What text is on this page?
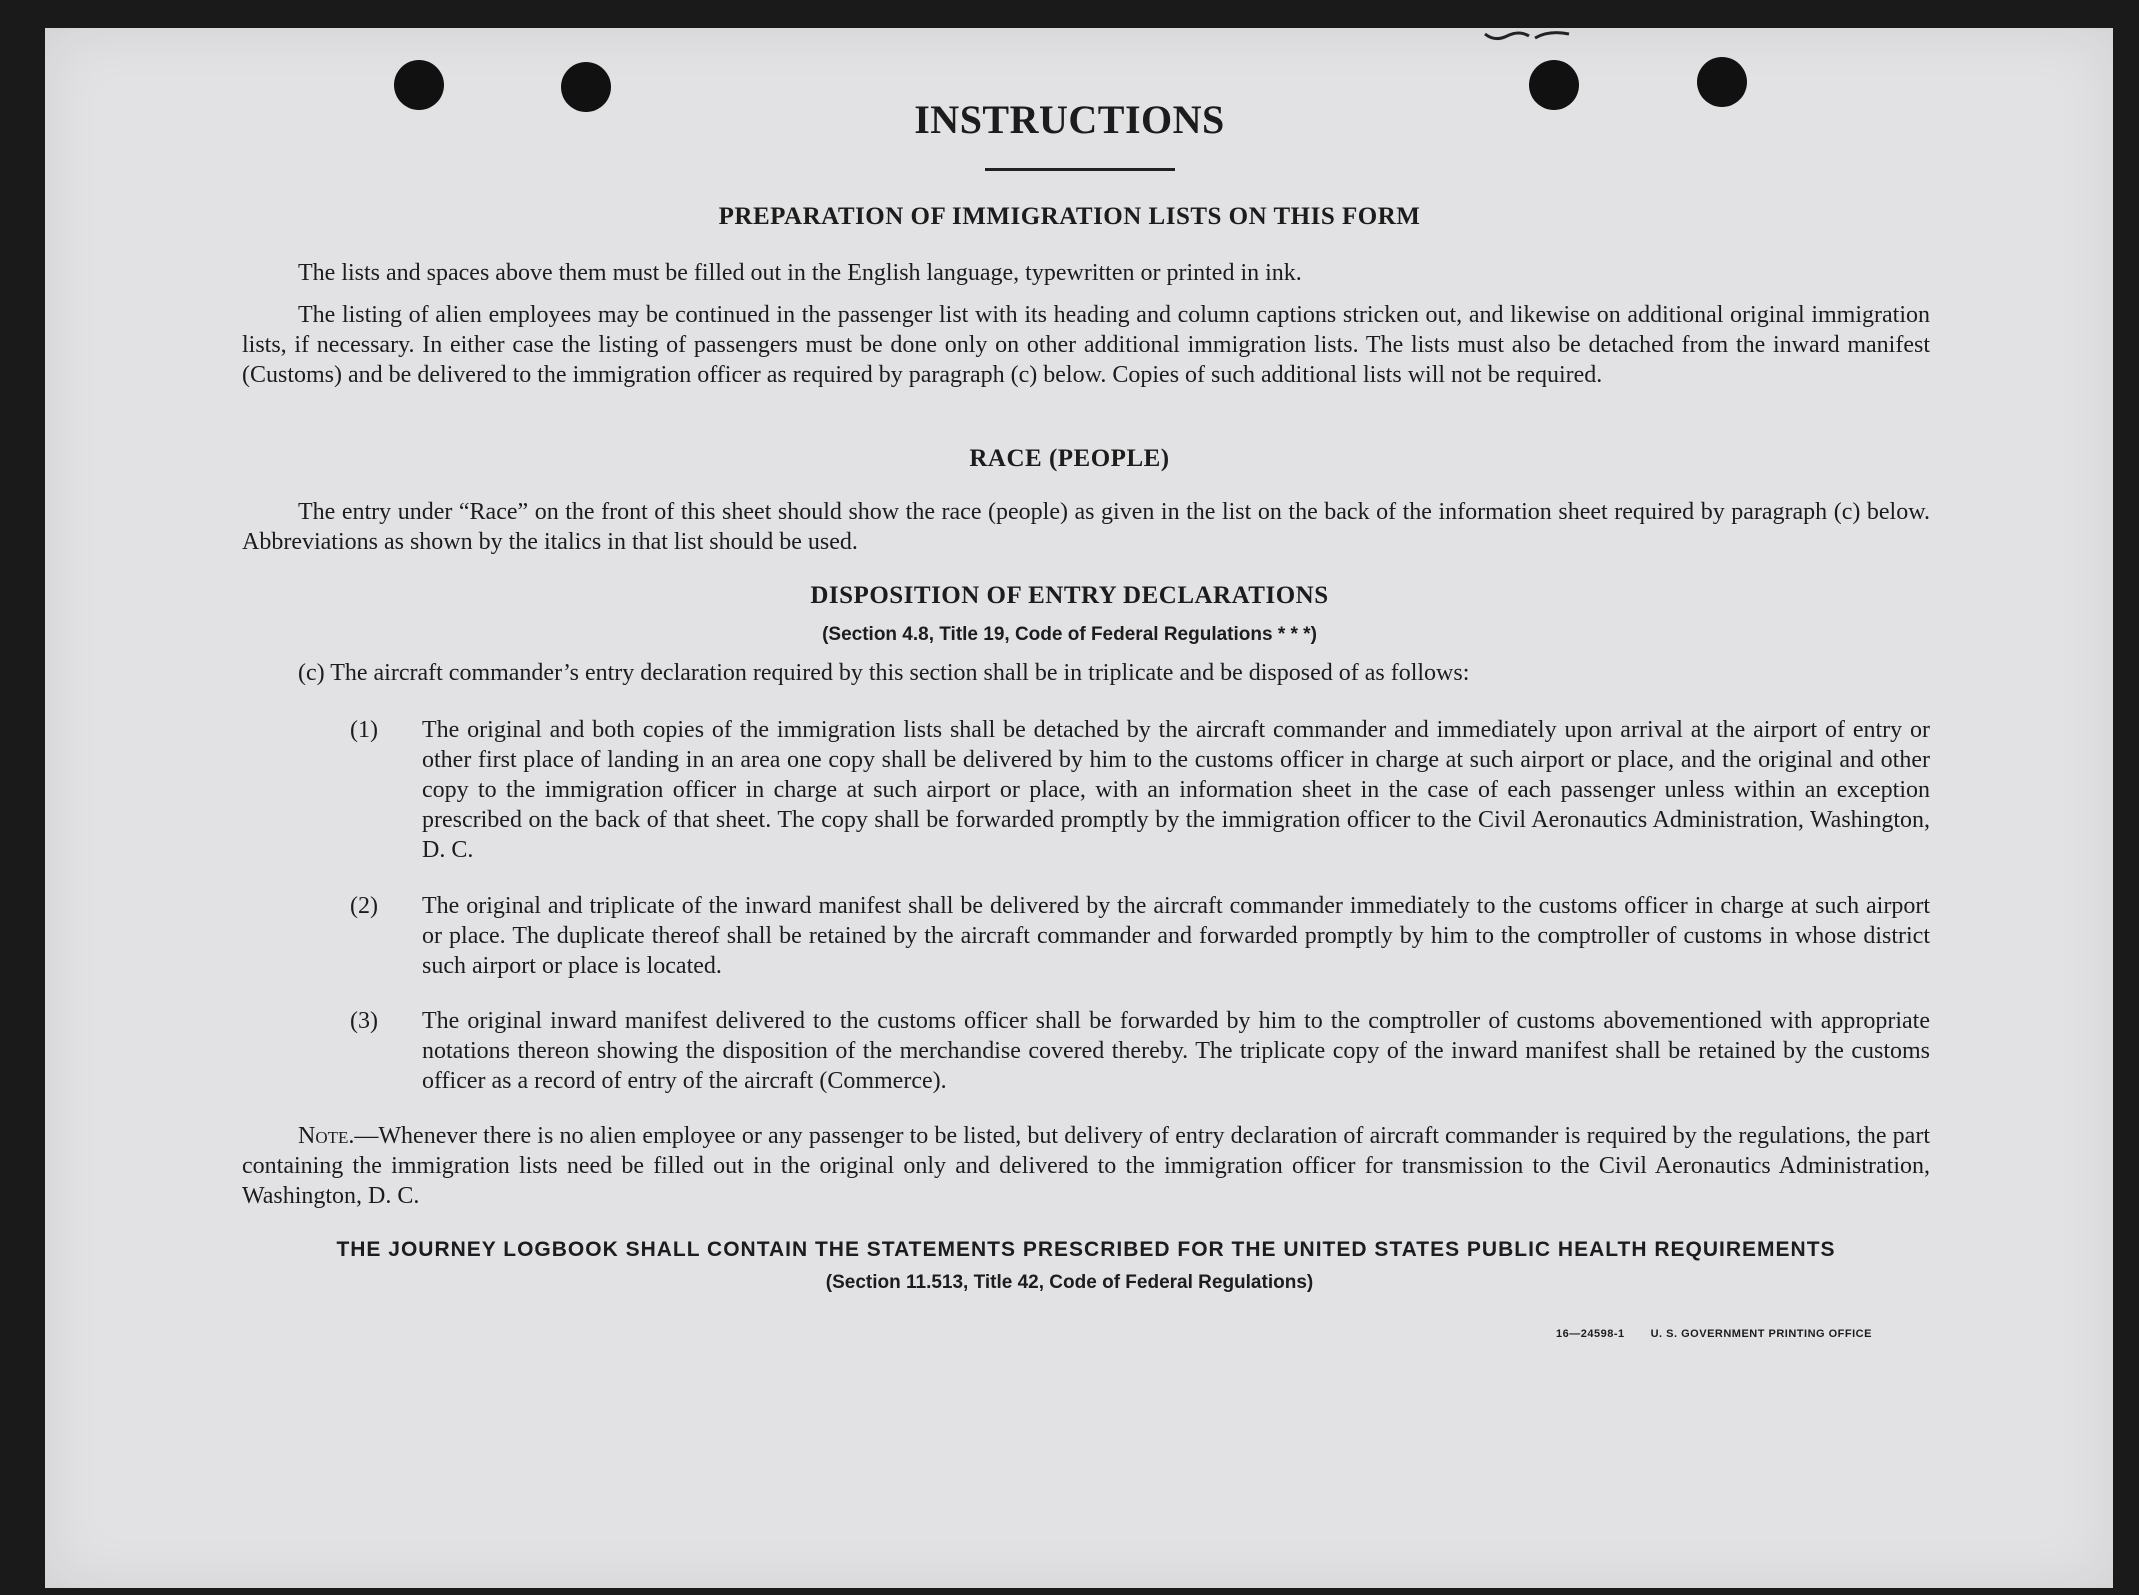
INSTRUCTIONS
PREPARATION OF IMMIGRATION LISTS ON THIS FORM
The lists and spaces above them must be filled out in the English language, typewritten or printed in ink.
The listing of alien employees may be continued in the passenger list with its heading and column captions stricken out, and likewise on additional original immigration lists, if necessary. In either case the listing of passengers must be done only on other additional immigration lists. The lists must also be detached from the inward manifest (Customs) and be delivered to the immigration officer as required by paragraph (c) below. Copies of such additional lists will not be required.
RACE (PEOPLE)
The entry under “Race” on the front of this sheet should show the race (people) as given in the list on the back of the information sheet required by paragraph (c) below. Abbreviations as shown by the italics in that list should be used.
DISPOSITION OF ENTRY DECLARATIONS
(Section 4.8, Title 19, Code of Federal Regulations * * *)
(c) The aircraft commander’s entry declaration required by this section shall be in triplicate and be disposed of as follows:
(1) The original and both copies of the immigration lists shall be detached by the aircraft commander and immediately upon arrival at the airport of entry or other first place of landing in an area one copy shall be delivered by him to the customs officer in charge at such airport or place, and the original and other copy to the immigration officer in charge at such airport or place, with an information sheet in the case of each passenger unless within an exception prescribed on the back of that sheet. The copy shall be forwarded promptly by the immigration officer to the Civil Aeronautics Administration, Washington, D. C.
(2) The original and triplicate of the inward manifest shall be delivered by the aircraft commander immediately to the customs officer in charge at such airport or place. The duplicate thereof shall be retained by the aircraft commander and forwarded promptly by him to the comptroller of customs in whose district such airport or place is located.
(3) The original inward manifest delivered to the customs officer shall be forwarded by him to the comptroller of customs abovementioned with appropriate notations thereon showing the disposition of the merchandise covered thereby. The triplicate copy of the inward manifest shall be retained by the customs officer as a record of entry of the aircraft (Commerce).
Note.—Whenever there is no alien employee or any passenger to be listed, but delivery of entry declaration of aircraft commander is required by the regulations, the part containing the immigration lists need be filled out in the original only and delivered to the immigration officer for transmission to the Civil Aeronautics Administration, Washington, D. C.
THE JOURNEY LOGBOOK SHALL CONTAIN THE STATEMENTS PRESCRIBED FOR THE UNITED STATES PUBLIC HEALTH REQUIREMENTS
(Section 11.513, Title 42, Code of Federal Regulations)
16—24598-1 U. S. GOVERNMENT PRINTING OFFICE
